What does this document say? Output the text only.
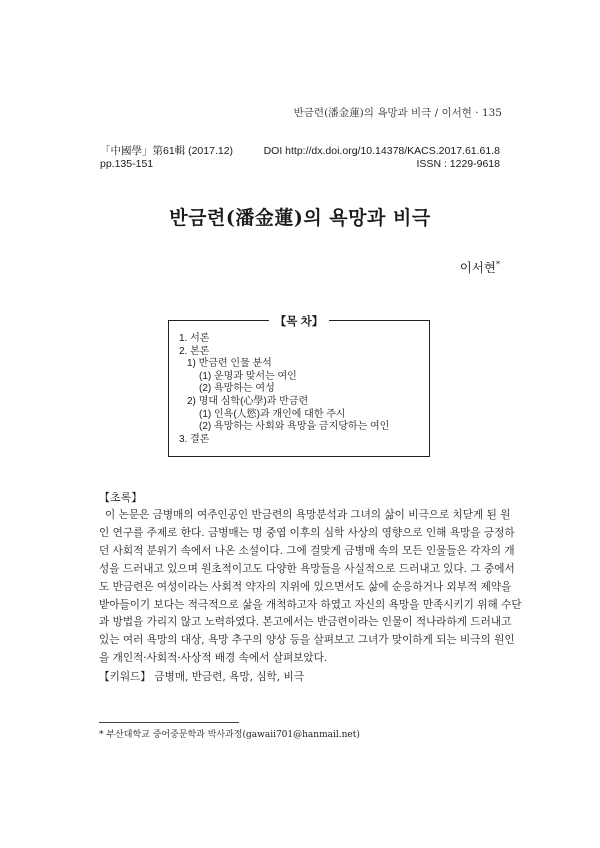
반금련(潘金蓮)의 욕망과 비극 / 이서현 · 135
「中國學」第61輯 (2017.12)	DOI http://dx.doi.org/10.14378/KACS.2017.61.61.8
pp.135-151	ISSN : 1229-9618
반금련(潘金蓮)의 욕망과 비극
이서현*
【목 차】
1. 서론
2. 본론
1) 반금련 인물 분석
(1) 운명과 맞서는 여인
(2) 욕망하는 여성
2) 명대 심학(心學)과 반금련
(1) 인욕(人慾)과 개인에 대한 주시
(2) 욕망하는 사회와 욕망을 금지당하는 여인
3. 결론
【초록】
이 논문은 금병매의 여주인공인 반금련의 욕망분석과 그녀의 삶이 비극으로 치닫게 된 원
인 연구를 주제로 한다. 금병매는 명 중엽 이후의 심학 사상의 영향으로 인해 욕망을 긍정하
던 사회적 분위기 속에서 나온 소설이다. 그에 걸맞게 금병매 속의 모든 인물들은 각자의 개
성을 드러내고 있으며 원초적이고도 다양한 욕망들을 사실적으로 드러내고 있다. 그 중에서
도 반금련은 여성이라는 사회적 약자의 지위에 있으면서도 삶에 순응하거나 외부적 제약을
받아들이기 보다는 적극적으로 삶을 개척하고자 하였고 자신의 욕망을 만족시키기 위해 수단
과 방법을 가리지 않고 노력하였다. 본고에서는 반금련이라는 인물이 적나라하게 드러내고
있는 여러 욕망의 대상, 욕망 추구의 양상 등을 살펴보고 그녀가 맞이하게 되는 비극의 원인
을 개인적·사회적·사상적 배경 속에서 살펴보았다.
【키워드】 금병매, 반금련, 욕망, 심학, 비극
* 부산대학교 중어중문학과 박사과정(gawaii701@hanmail.net)
